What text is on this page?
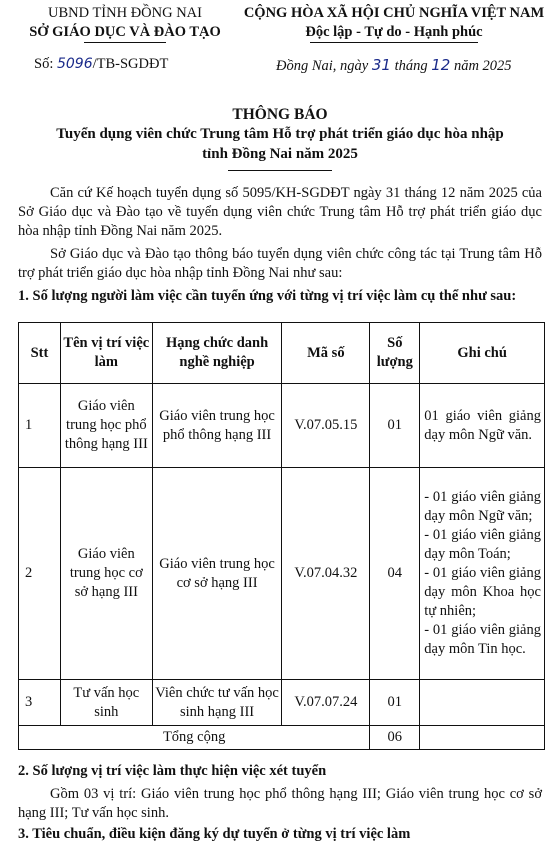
UBND TỈNH ĐỒNG NAI
SỞ GIÁO DỤC VÀ ĐÀO TẠO
CỘNG HÒA XÃ HỘI CHỦ NGHĨA VIỆT NAM
Độc lập - Tự do - Hạnh phúc
Số: 5096/TB-SGDĐT	Đồng Nai, ngày 31 tháng 12 năm 2025
THÔNG BÁO
Tuyển dụng viên chức Trung tâm Hỗ trợ phát triển giáo dục hòa nhập
tỉnh Đồng Nai năm 2025
Căn cứ Kế hoạch tuyển dụng số 5095/KH-SGDĐT ngày 31 tháng 12 năm 2025 của Sở Giáo dục và Đào tạo về tuyển dụng viên chức Trung tâm Hỗ trợ phát triển giáo dục hòa nhập tỉnh Đồng Nai năm 2025.
Sở Giáo dục và Đào tạo thông báo tuyển dụng viên chức công tác tại Trung tâm Hỗ trợ phát triển giáo dục hòa nhập tỉnh Đồng Nai như sau:
1. Số lượng người làm việc cần tuyển ứng với từng vị trí việc làm cụ thể như sau:
Stt	Tên vị trí việc làm	Hạng chức danh nghề nghiệp	Mã số	Số lượng	Ghi chú
1	Giáo viên trung học phổ thông hạng III	Giáo viên trung học phổ thông hạng III	V.07.05.15	01	01 giáo viên giảng dạy môn Ngữ văn.

2	Giáo viên trung học cơ sở hạng III	Giáo viên trung học cơ sở hạng III	V.07.04.32	04	- 01 giáo viên giảng dạy môn Ngữ văn;
- 01 giáo viên giảng dạy môn Toán;
- 01 giáo viên giảng dạy môn Khoa học tự nhiên;
- 01 giáo viên giảng dạy môn Tin học.

3	Tư vấn học sinh	Viên chức tư vấn học sinh hạng III	V.07.07.24	01	
Tổng cộng				06	
2. Số lượng vị trí việc làm thực hiện việc xét tuyển
Gồm 03 vị trí: Giáo viên trung học phổ thông hạng III; Giáo viên trung học cơ sở hạng III; Tư vấn học sinh.
3. Tiêu chuẩn, điều kiện đăng ký dự tuyển ở từng vị trí việc làm
